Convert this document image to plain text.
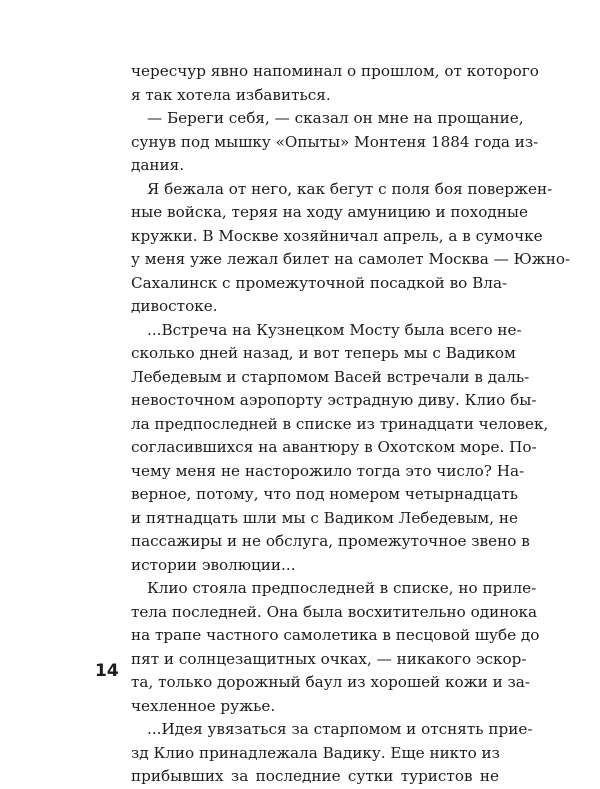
чересчур явно напоминал о прошлом, от которого
я так хотела избавиться.
— Береги себя, — сказал он мне на прощание,
сунув под мышку «Опыты» Монтеня 1884 года из-
дания.
Я бежала от него, как бегут с поля боя повержен-
ные войска, теряя на ходу амуницию и походные
кружки. В Москве хозяйничал апрель, а в сумочке
у меня уже лежал билет на самолет Москва — Южно-
Сахалинск с промежуточной посадкой во Вла-
дивостоке.
...Встреча на Кузнецком Мосту была всего не-
сколько дней назад, и вот теперь мы с Вадиком
Лебедевым и старпомом Васей встречали в даль-
невосточном аэропорту эстрадную диву. Клио бы-
ла предпоследней в списке из тринадцати человек,
согласившихся на авантюру в Охотском море. По-
чему меня не насторожило тогда это число? На-
верное, потому, что под номером четырнадцать
и пятнадцать шли мы с Вадиком Лебедевым, не
пассажиры и не обслуга, промежуточное звено в
истории эволюции...
Клио стояла предпоследней в списке, но приле-
тела последней. Она была восхитительно одинока
на трапе частного самолетика в песцовой шубе до
пят и солнцезащитных очках, — никакого эскор-
та, только дорожный баул из хорошей кожи и за-
чехленное ружье.
...Идея увязаться за старпомом и отснять прие-
зд Клио принадлежала Вадику. Еще никто из
прибывших за последние сутки туристов не
14
